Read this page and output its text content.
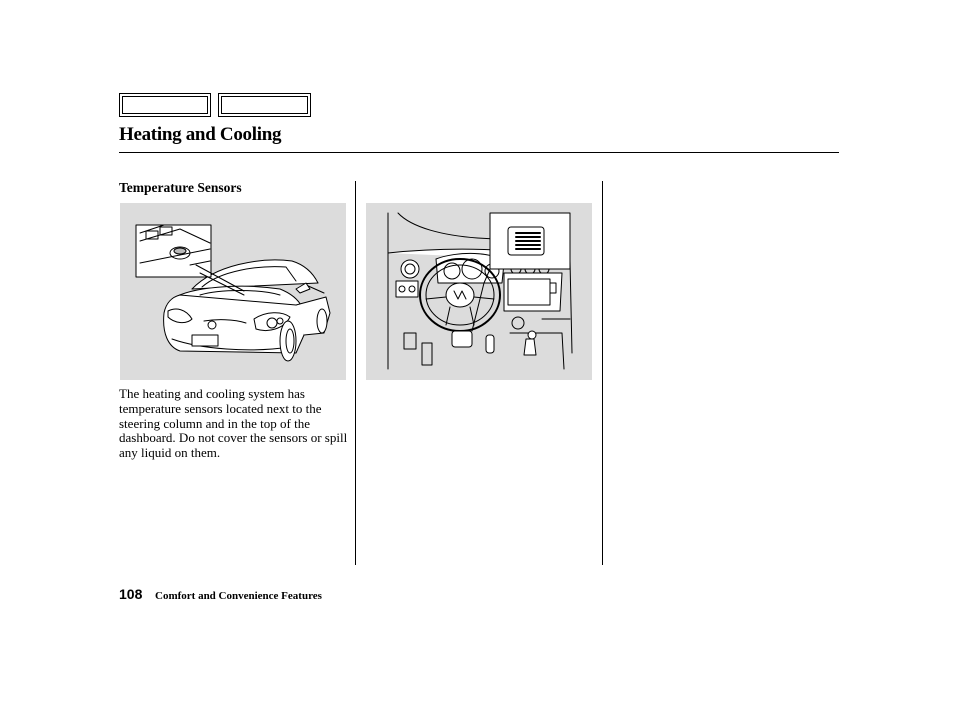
Heating and Cooling
Temperature Sensors
The heating and cooling system has temperature sensors located next to the steering column and in the top of the dashboard. Do not cover the sensors or spill any liquid on them.
108 Comfort and Convenience Features
